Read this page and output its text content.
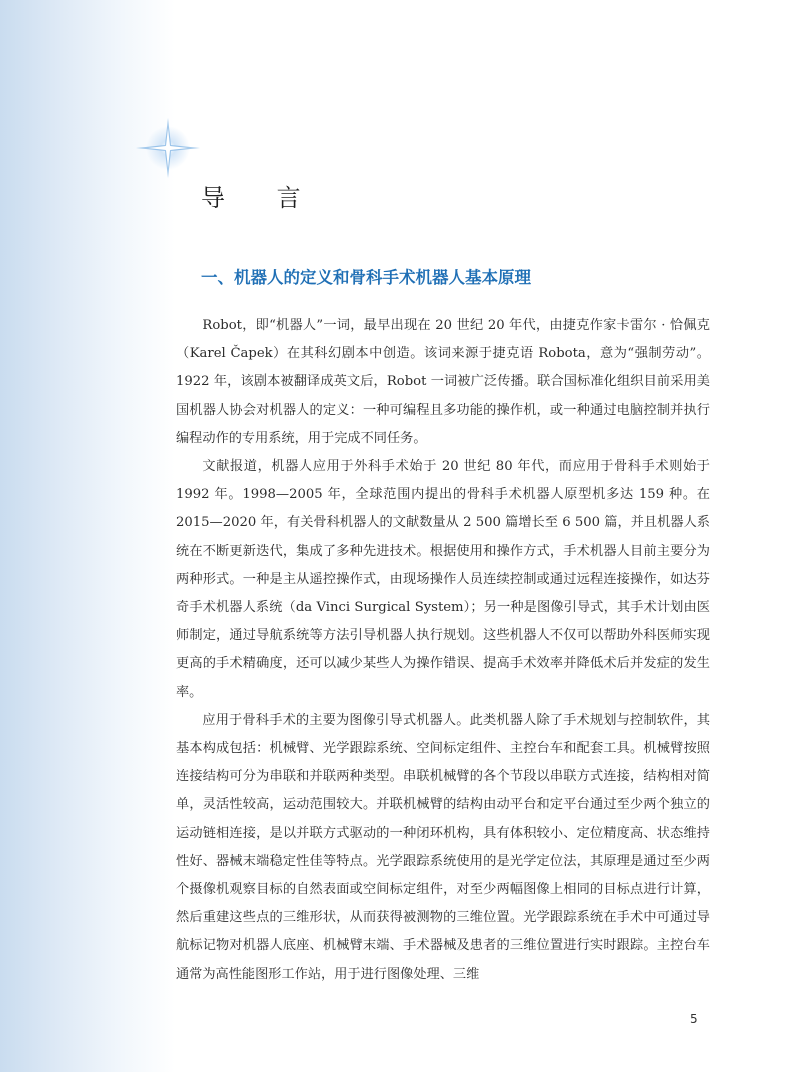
导 言
一、机器人的定义和骨科手术机器人基本原理

Robot，即“机器人”一词，最早出现在 20 世纪 20 年代，由捷克作家卡雷尔 · 恰佩克（Karel Čapek）在其科幻剧本中创造。该词来源于捷克语 Robota，意为“强制劳动”。1922 年，该剧本被翻译成英文后，Robot 一词被广泛传播。联合国标准化组织目前采用美国机器人协会对机器人的定义：一种可编程且多功能的操作机，或一种通过电脑控制并执行编程动作的专用系统，用于完成不同任务。

文献报道，机器人应用于外科手术始于 20 世纪 80 年代，而应用于骨科手术则始于 1992 年。1998—2005 年，全球范围内提出的骨科手术机器人原型机多达 159 种。在 2015—2020 年，有关骨科机器人的文献数量从 2 500 篇增长至 6 500 篇，并且机器人系统在不断更新迭代，集成了多种先进技术。根据使用和操作方式，手术机器人目前主要分为两种形式。一种是主从遥控操作式，由现场操作人员连续控制或通过远程连接操作，如达芬奇手术机器人系统（da Vinci Surgical System）；另一种是图像引导式，其手术计划由医师制定，通过导航系统等方法引导机器人执行规划。这些机器人不仅可以帮助外科医师实现更高的手术精确度，还可以减少某些人为操作错误、提高手术效率并降低术后并发症的发生率。

应用于骨科手术的主要为图像引导式机器人。此类机器人除了手术规划与控制软件，其基本构成包括：机械臂、光学跟踪系统、空间标定组件、主控台车和配套工具。机械臂按照连接结构可分为串联和并联两种类型。串联机械臂的各个节段以串联方式连接，结构相对简单，灵活性较高，运动范围较大。并联机械臂的结构由动平台和定平台通过至少两个独立的运动链相连接，是以并联方式驱动的一种闭环机构，具有体积较小、定位精度高、状态维持性好、器械末端稳定性佳等特点。光学跟踪系统使用的是光学定位法，其原理是通过至少两个摄像机观察目标的自然表面或空间标定组件，对至少两幅图像上相同的目标点进行计算，然后重建这些点的三维形状，从而获得被测物的三维位置。光学跟踪系统在手术中可通过导航标记物对机器人底座、机械臂末端、手术器械及患者的三维位置进行实时跟踪。主控台车通常为高性能图形工作站，用于进行图像处理、三维

5
